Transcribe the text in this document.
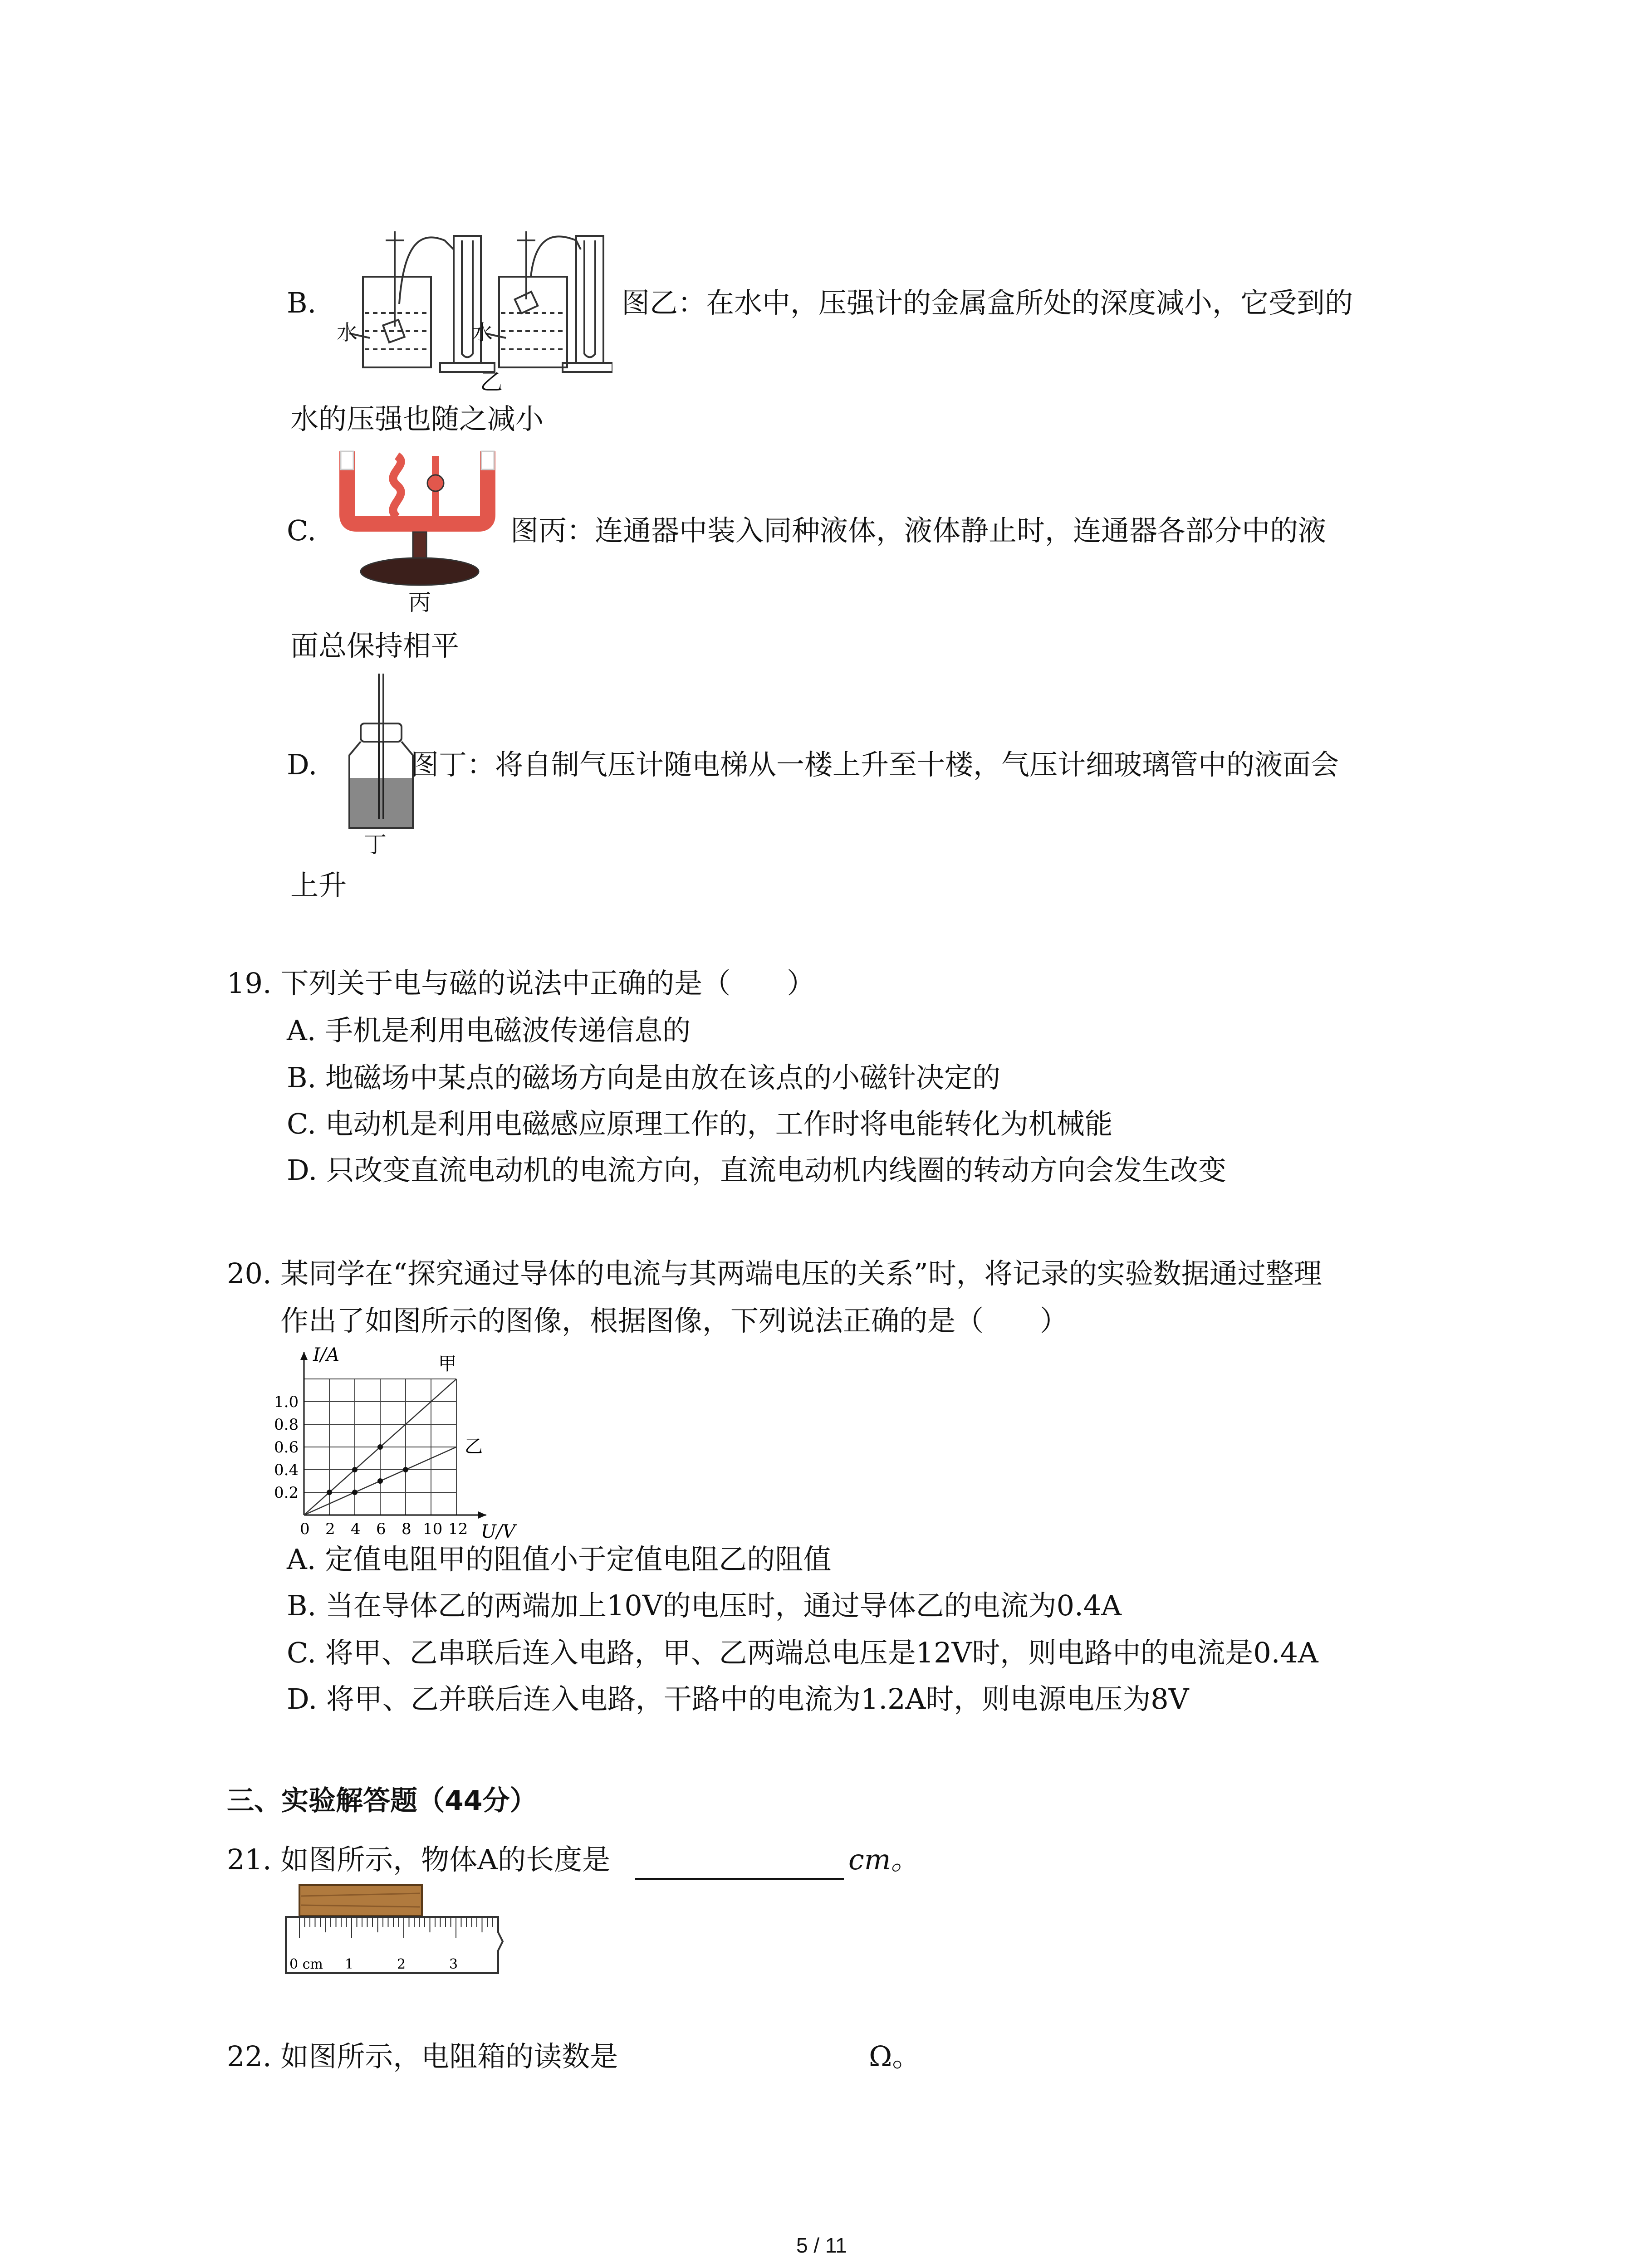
B.
水	水
乙
图乙：在水中，压强计的金属盒所处的深度减小，它受到的
水的压强也随之减小
C.
丙
图丙：连通器中装入同种液体，液体静止时，连通器各部分中的液
面总保持相平
D.
丁
图丁：将自制气压计随电梯从一楼上升至十楼，气压计细玻璃管中的液面会
上升
19. 下列关于电与磁的说法中正确的是（　　）
A. 手机是利用电磁波传递信息的
B. 地磁场中某点的磁场方向是由放在该点的小磁针决定的
C. 电动机是利用电磁感应原理工作的，工作时将电能转化为机械能
D. 只改变直流电动机的电流方向，直流电动机内线圈的转动方向会发生改变
20. 某同学在“探究通过导体的电流与其两端电压的关系”时，将记录的实验数据通过整理
作出了如图所示的图像，根据图像，下列说法正确的是（　　）
0 2 4 6 8 10 12
0.2
0.4
0.6
0.8
1.0
I/A
U/V
甲
乙
A. 定值电阻甲的阻值小于定值电阻乙的阻值
B. 当在导体乙的两端加上10V的电压时，通过导体乙的电流为0.4A
C. 将甲、乙串联后连入电路，甲、乙两端总电压是12V时，则电路中的电流是0.4A
D. 将甲、乙并联后连入电路，干路中的电流为1.2A时，则电源电压为8V
三、实验解答题（44分）
21. 如图所示，物体A的长度是	cm。
0 cm 1	2	3
22. 如图所示，电阻箱的读数是	Ω。
5 / 11
